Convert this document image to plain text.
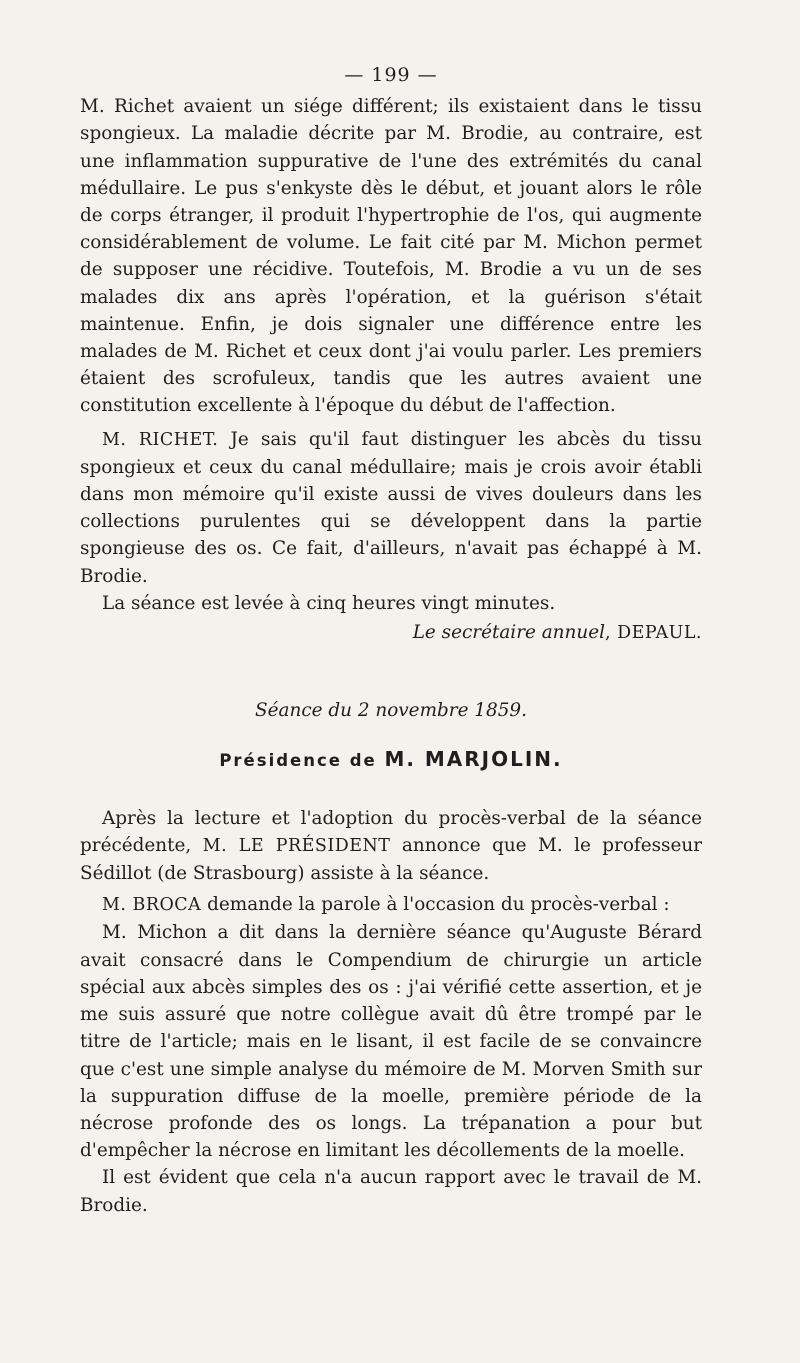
— 199 —

M. Richet avaient un siége différent; ils existaient dans le tissu spongieux. La maladie décrite par M. Brodie, au contraire, est une inflammation suppurative de l'une des extrémités du canal médullaire. Le pus s'enkyste dès le début, et jouant alors le rôle de corps étranger, il produit l'hypertrophie de l'os, qui augmente considérablement de volume. Le fait cité par M. Michon permet de supposer une récidive. Toutefois, M. Brodie a vu un de ses malades dix ans après l'opération, et la guérison s'était maintenue. Enfin, je dois signaler une différence entre les malades de M. Richet et ceux dont j'ai voulu parler. Les premiers étaient des scrofuleux, tandis que les autres avaient une constitution excellente à l'époque du début de l'affection.

M. RICHET. Je sais qu'il faut distinguer les abcès du tissu spongieux et ceux du canal médullaire; mais je crois avoir établi dans mon mémoire qu'il existe aussi de vives douleurs dans les collections purulentes qui se développent dans la partie spongieuse des os. Ce fait, d'ailleurs, n'avait pas échappé à M. Brodie.

La séance est levée à cinq heures vingt minutes.

Le secrétaire annuel, DEPAUL.
Séance du 2 novembre 1859.
Présidence de M. MARJOLIN.

Après la lecture et l'adoption du procès-verbal de la séance précédente, M. LE PRÉSIDENT annonce que M. le professeur Sédillot (de Strasbourg) assiste à la séance.

M. BROCA demande la parole à l'occasion du procès-verbal :

M. Michon a dit dans la dernière séance qu'Auguste Bérard avait consacré dans le Compendium de chirurgie un article spécial aux abcès simples des os : j'ai vérifié cette assertion, et je me suis assuré que notre collègue avait dû être trompé par le titre de l'article; mais en le lisant, il est facile de se convaincre que c'est une simple analyse du mémoire de M. Morven Smith sur la suppuration diffuse de la moelle, première période de la nécrose profonde des os longs. La trépanation a pour but d'empêcher la nécrose en limitant les décollements de la moelle.

Il est évident que cela n'a aucun rapport avec le travail de M. Brodie.
